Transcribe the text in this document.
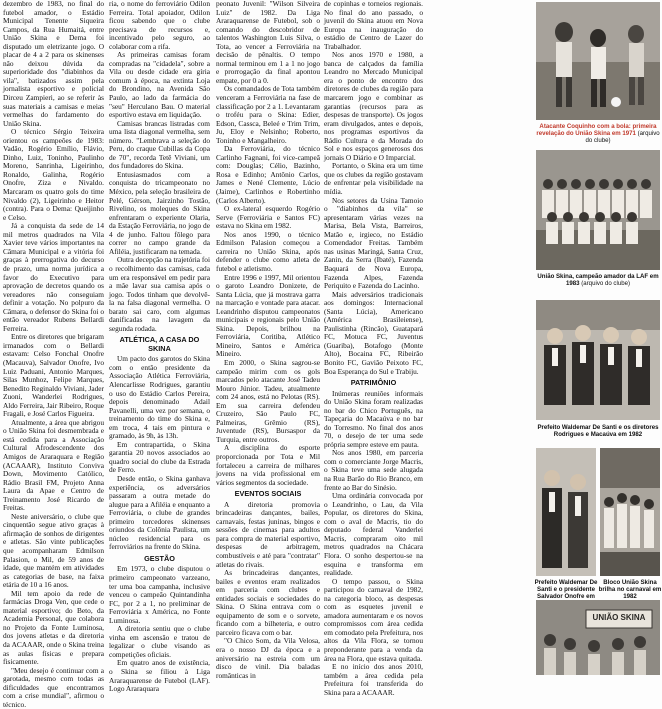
dezembro de 1983, no final do futebol amador, o Estádio Municipal Tenente Siqueira Campos, da Rua Humaitá, entre União Skina e Dema foi disputado um eletrizante jogo. O placar de 4 a 2 para os skinenses não deixou dúvida da superioridade dos "diabinhos da vila", batizados assim pela jornalista esportivo e policial Dirceu Zampieri, ao se referir às suas materiais a camisas e meias vermelhas do fardamento do União Skina.

O técnico Sérgio Teixeira orientou os campeões de 1983: Vadão, Rogério Emílio, Flávio, Dinho, Luiz, Toninho, Paulinho Moreno, Sanrinha, Ligeirinho, Ronaldo, Galinha, Rogério Onofre, Ziza e Nivaldo. Marcaram os quatro gols do time Nivaldo (2), Ligeirinho e Heitor (contra). Para o Dema: Queijinho e Celso.

Já a conquista da sede de 14 mil metros quadrados na Vila Xavier teve vários importantes na Câmara Municipal e a vitória foi graças à prerrogativa do decurso de prazo, uma norma jurídica a favor do Executivo para aprovação de decretos quando os vereadores não conseguiam definir a votação. No polpuro da Câmara, o defensor do Skina foi o então vereador Rubens Bellardi Ferreira.

Entre os diretores que brigaram irmanados com o Bellardi estavam: Celso Fonchal Onofre (Macauva), Salvador Onofre, Ivo Luiz Paduani, Antonio Marques, Silas Munhoz, Felipe Marques, Benedito Reginaldo Viviani, Jader Zuoni, Wanderlei Rodrigues, Aldo Ferreira, Jair Ribeiro, Roque Fragali, e José Carlos Figueira.

Atualmente, a área que abrigou o União Skina foi desmembrada e está cedida para a Associação Cultural Afrodescendente dos Amigos de Araraquara e Região (ACAAAR), Instituto Conviva Down, Movimento Católico, Rádio Brasil FM, Projeto Anna Laura da Apae e Centro de Treinamento José Ricardo de Freitas.

Neste aniversário, o clube que cinquentão segue ativo graças à afirmação de sonhos de dirigentes e atletas. São vinte publicações que acompanharam Edmilson Palasion, o Mil, de 59 anos de idade, que mantém em atividades as categorias de base, na faixa etária de 10 a 16 anos.

Mil tem apoio da rede de farmácias Droga Ven, que cede o material esportivo; do Beto, da Academia Personal, que colabora no Projeto da Fonte Luminosa, dos jovens atletas e da diretoria da ACAAAR, onde o Skina treina as aulas físicas e prepara fisicamente.

"Meu desejo é continuar com a garotada, mesmo com todas as dificuldades que encontramos com a crise mundial", afirmou o técnico.

ria, o nome do ferroviário Odilon Ferreira. Total apoiador, Odilon ficou sabendo que o clube precisava de recursos e, incentivado pelo seguro, ao colaborar com a rifa.

As primeiras camisas foram compradas na "cidadela", sobre a Vila ou desde cidade era gíria comum à época, na extinta Loja do Brondino, na Avenida São Paulo, ao lado da farmácia do "seu" Herculano Bau. O material esportivo estava em liquidação.

Camisas brancas listradas com uma lista diagonal vermelha, sem número. "Lembrava a seleção do Peru, do craque Cubillas da Copa de 70", recorda Tetê Viviani, um dos fundadores do Skina.

Entusiasmados com a conquista do tricampeonato no México, pela seleção brasileira de Pelé, Gérson, Jairzinho Tostão, Rivelino, os moleques do Skina enfrentaram o experiente Olaria, da Estação Ferroviária, no jogo de 4 de junho. Faltou fôlego para correr no campo grande da Afiléia, justificaram na temada.

Outra decepção na trajetória foi o recolhimento das camisas, cada um era responsável em pedir para a mãe lavar sua camisa após o jogo. Todos tinham que devolvê-la na falsa diagonal vermelha. O barato sai caro, com algumas danificadas na lavagem da segunda rodada.

ATLÉTICA, A CASA DO SKINA

Um pacto dos garotos do Skina com o então presidente da Associação Atlética Ferroviária, Alencarlisse Rodrigues, garantiu o uso do Estádio Carlos Pereira, depois denominado Adail Pavanelli, uma vez por semana, o treinamento do time do Skina e, em troca, 4 tais em pintura e gramado, às 9h, às 13h.

Em contrapartida, o Skina garantia 20 novos associados ao quadro social do clube da Estrada de Ferro.

Desde então, o Skina ganhava experiência, os adversários passaram a outra metade do alugue para a Afiléia e enquanto a Ferroviária, o clube de grandes primeiro torcedores skinenses oriundos da Colônia Paulista, um núcleo residencial para os ferroviários na frente do Skina.

GESTÃO

Em 1973, o clube disputou o primeiro campeonato varzeano, ter uma boa campanha, inclusive venceu o campeão Quintandinha FC, por 2 a 1, no preliminar de Ferroviária x América, no Fonte Luminosa.

A diretoria sentiu que o clube vinha em ascensão e tratou de legalizar o clube visando as competições oficiais.

Em quatro anos de existência, o Skina se filiou à Liga Araraquarense de Futebol (LAF). Logo Araraquara

peonato Juvenil: "Wilson Silveira Luiz" de 1982. Da Liga Araraquarense de Futebol, sob o comando do descobridor de talentos Washington Luis Silva, o Tota, ao vencer a Ferroviária na decisão de pênaltis. O tempo normal terminou em 1 a 1 no jogo e prorrogação da final apontou empate, por 0 a 0.

Os comandados de Tota também venceram a Ferroviária na fase de classificação por 2 a 1. Levantaram o troféu para o Skina: Edier, Edson, Cassca, Beleé e Trim Trim, Ju, Eloy e Nelsinho; Roberto, Toninho e Mangalheiro.

Da Ferroviária, do técnico Carlinho Fagnani, foi vice-campeã com: Douglas; Célio, Bazinho, Rosa e Edinho; Antônio Carlos, James e Nené Clemente, Lúcio (Jaime), Carlinhos e Robertinho (Carlos Alberto).

O ex-lateral esquerdo Rogério Serve (Ferroviária e Santos FC) estava no Skina em 1982.

Nos anos 1990, o técnico Edmilson Palasion começou a carreira no União Skina, após defender o clube como atleta de futebol e atletismo.

Entre 1996 e 1997, Mil orientou o garoto Leandro Donizete, de Santa Lúcia, que já mostrava garra na marcação e vontade para atacar. Leandrinho disputou campeonatos municipais e regionais pelo União Skina. Depois, brilhou na Ferroviária, Coritiba, Atlético Mineiro, Santos e América Mineiro.

Em 2000, o Skina sagrou-se campeão mirim com os gols marcados pelo atacante José Tadeu Mouro Júnior. Tadeu, atualmente com 24 anos, está no Pelotas (RS). Em sua carreira defendeu Cruzeiro, São Paulo FC, Palmeiras, Grêmio (RS), Juventude (RS), Bursaspor da Turquia, entre outros.

A disciplina do esporte proporcionada por Tota e Mil fortaleceu a carreira de milhares jovens na vida profissional em vários segmentos da sociedade.

EVENTOS SOCIAIS

A diretoria promovia brincadeiras dançantes, bailes, carnavais, festas juninas, bingos e sessões de cinemas para adultos para compra de material esportivo, despesas de arbitragem, combustíveis e até para "contratar" atletas do rivais.

As brincadeiras dançantes, bailes e eventos eram realizados em parceria com clubes e entidades sociais e sociedades do Skina. O Skina entrava com o equipamento de som e o sorvete, ficando com a bilheteria, e outro parceiro ficava com o bar.

"O Chico Som, da Vila Velosa, era o nosso DJ da época e a aniversário na estreia com um disco de vinil. Dia baladas românticas in

de copinhas e torneios regionais. No final do ano passado, o juvenil do Skina atuou em Nova Europa na inauguração do estádio de Centro de Lazer do Trabalhador.

Nos anos 1970 e 1980, a banca de calçados da família Leandro no Mercado Municipal era o ponto de encontro dos diretores de clubes da região para marcarem jogo e combinar as garantias (recursos para as despesas de transporte). Os jogos eram divulgados, antes e depois, nos programas esportivos da Rádio Cultura e da Morada do Sol e nos espaços generosos dos jornais O Diário e O Imparcial.

Portanto, o Skina era um time que os clubes da região gostavam de enfrentar pela visibilidade na mídia.

Nos setores da Usina Tamoio o "diabinhos da vila" se apresentaram várias vezes na Marisa, Bela Vista, Barreiros, Matão e, irgieco, no Estádio Comendador Freitas. Também nas usinas Maringá, Santa Cruz, Zanin, da Serra (Ibaté), Fazenda Baquará de Nova Europa, Fazenda Alpes, Fazenda Periquito e Fazenda do Lacinho.

Mais adversários tradicionais aos domingos: Internacional (Santa Lúcia), Americano (América Brasileiense), Paulistinha (Rincão), Guatapará FC, Motuca FC, Juventus (Guariba), Botafogo (Monte Alto), Bocaina FC, Ribeirão Bonito FC, Gavião Peixoto FC, Boa Esperança do Sul e Trabiju.

PATRIMÔNIO

Inúmeras reuniões informais do União Skina foram realizadas no bar do Chico Português, na Tapeçaria do Macaúva e no bar do Torresmo. No final dos anos 70, o desejo de ter uma sede própria sempre esteve em pauta.

Nos anos 1980, em parceria com o comerciante Jorge Macris, o Skina teve uma sede alugada na Rua Barão do Rio Branco, em frente ao Bar do Sinésio.

Uma ordinária convocada por o Leandrinho, o Lau, da Vila Popular, os diretores do Skina, com o aval de Macris, tio do deputado federal Vanderlei Macris, compraram oito mil metros quadrados na Chácara Flora. O sonho despertou-se na esquina e transforma em realidade.

O tempo passou, o Skina participou do carnaval de 1982, na categoria bloco, as despesas com as esquetes juvenil e amadora aumentaram e os novos compromissos com área cedida em comodato pela Prefeitura, nos altos da Vila Flora, se tornou preponderante para a venda da área na Flora, que estava quitada.

E no início dos anos 2010, também a área cedida pela Prefeitura foi transferida do Skina para a ACAAAR.

Atacante Coquinho com a bola: primeira revelação do União Skina em 1971 (arquivo do clube)
União Skina, campeão amador da LAF em 1983 (arquivo do clube)
Prefeito Waldemar De Santi e os diretores Rodrigues e Macaúva em 1982
Prefeito Waldemar De Santi e o presidente Salvador Onofre em
Bloco União Skina brilha no carnaval em 1982
UNIÃO SKINA
